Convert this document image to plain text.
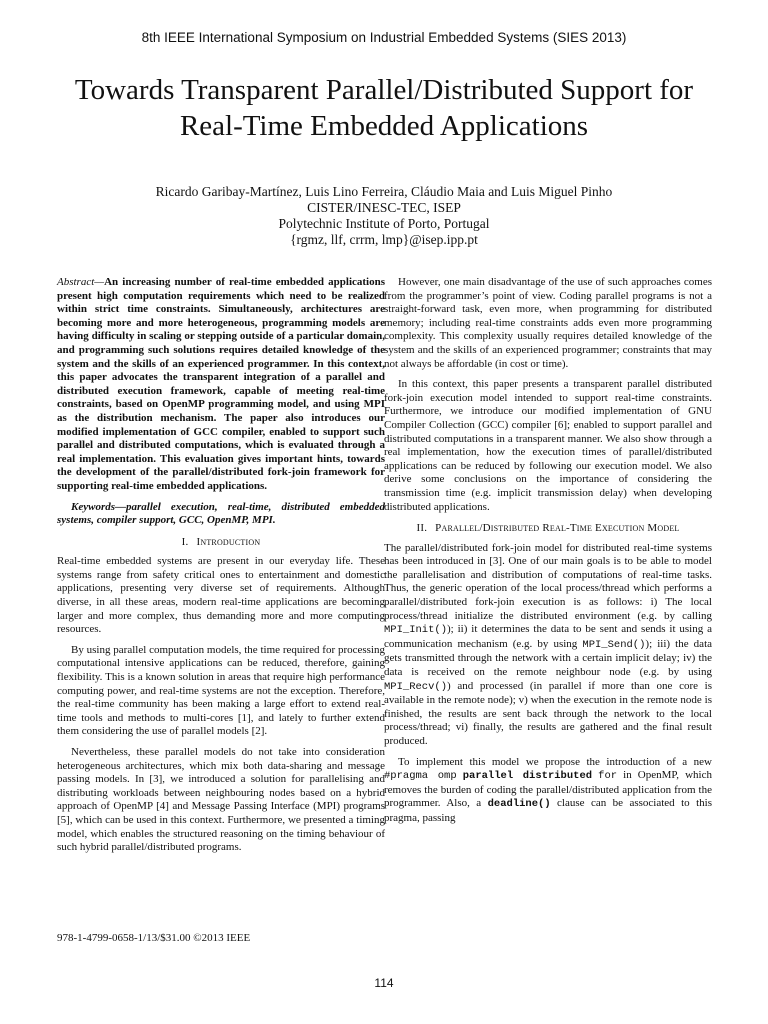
8th IEEE International Symposium on Industrial Embedded Systems (SIES 2013)
Towards Transparent Parallel/Distributed Support for
Real-Time Embedded Applications
Ricardo Garibay-Martínez, Luis Lino Ferreira, Cláudio Maia and Luis Miguel Pinho
CISTER/INESC-TEC, ISEP
Polytechnic Institute of Porto, Portugal
{rgmz, llf, crrm, lmp}@isep.ipp.pt

Abstract—An increasing number of real-time embedded applications present high computation requirements which need to be realized within strict time constraints. Simultaneously, architectures are becoming more and more heterogeneous, programming models are having difficulty in scaling or stepping outside of a particular domain, and programming such solutions requires detailed knowledge of the system and the skills of an experienced programmer. In this context, this paper advocates the transparent integration of a parallel and distributed execution framework, capable of meeting real-time constraints, based on OpenMP programming model, and using MPI as the distribution mechanism. The paper also introduces our modified implementation of GCC compiler, enabled to support such parallel and distributed computations, which is evaluated through a real implementation. This evaluation gives important hints, towards the development of the parallel/distributed fork-join framework for supporting real-time embedded applications.

Keywords—parallel execution, real-time, distributed embedded systems, compiler support, GCC, OpenMP, MPI.

I. Introduction

Real-time embedded systems are present in our everyday life. These systems range from safety critical ones to entertainment and domestic applications, presenting very diverse set of requirements. Although diverse, in all these areas, modern real-time applications are becoming larger and more complex, thus demanding more and more computing resources.

By using parallel computation models, the time required for processing computational intensive applications can be reduced, therefore, gaining flexibility. This is a known solution in areas that require high performance computing power, and real-time systems are not the exception. Therefore, the real-time community has been making a large effort to extend real-time tools and methods to multi-cores [1], and lately to further extend them considering the use of parallel models [2].

Nevertheless, these parallel models do not take into consideration heterogeneous architectures, which mix both data-sharing and message passing models. In [3], we introduced a solution for parallelising and distributing workloads between neighbouring nodes based on a hybrid approach of OpenMP [4] and Message Passing Interface (MPI) programs [5], which can be used in this context. Furthermore, we presented a timing model, which enables the structured reasoning on the timing behaviour of such hybrid parallel/distributed programs.

978-1-4799-0658-1/13/$31.00 ©2013 IEEE

However, one main disadvantage of the use of such approaches comes from the programmer’s point of view. Coding parallel programs is not a straight-forward task, even more, when programming for distributed memory; including real-time constraints adds even more programming complexity. This complexity usually requires detailed knowledge of the system and the skills of an experienced programmer; constraints that may not always be affordable (in cost or time).

In this context, this paper presents a transparent parallel distributed fork-join execution model intended to support real-time constraints. Furthermore, we introduce our modified implementation of GNU Compiler Collection (GCC) compiler [6]; enabled to support parallel and distributed computations in a transparent manner. We also show through a real implementation, how the execution times of parallel/distributed applications can be reduced by following our execution model. We also derive some conclusions on the importance of considering the transmission time (e.g. implicit transmission delay) when developing distributed applications.

II. Parallel/Distributed Real-Time Execution Model

The parallel/distributed fork-join model for distributed real-time systems has been introduced in [3]. One of our main goals is to be able to model the parallelisation and distribution of computations of real-time tasks. Thus, the generic operation of the local process/thread which performs a parallel/distributed fork-join execution is as follows: i) The local process/thread initialize the distributed environment (e.g. by calling MPI_Init()); ii) it determines the data to be sent and sends it using a communication mechanism (e.g. by using MPI_Send()); iii) the data gets transmitted through the network with a certain implicit delay; iv) the data is received on the remote neighbour node (e.g. by using MPI_Recv()) and processed (in parallel if more than one core is available in the remote node); v) when the execution in the remote node is finished, the results are sent back through the network to the local process/thread; vi) finally, the results are gathered and the final result produced.

To implement this model we propose the introduction of a new #pragma omp parallel distributed for in OpenMP, which removes the burden of coding the parallel/distributed application from the programmer. Also, a deadline() clause can be associated to this pragma, passing

114
